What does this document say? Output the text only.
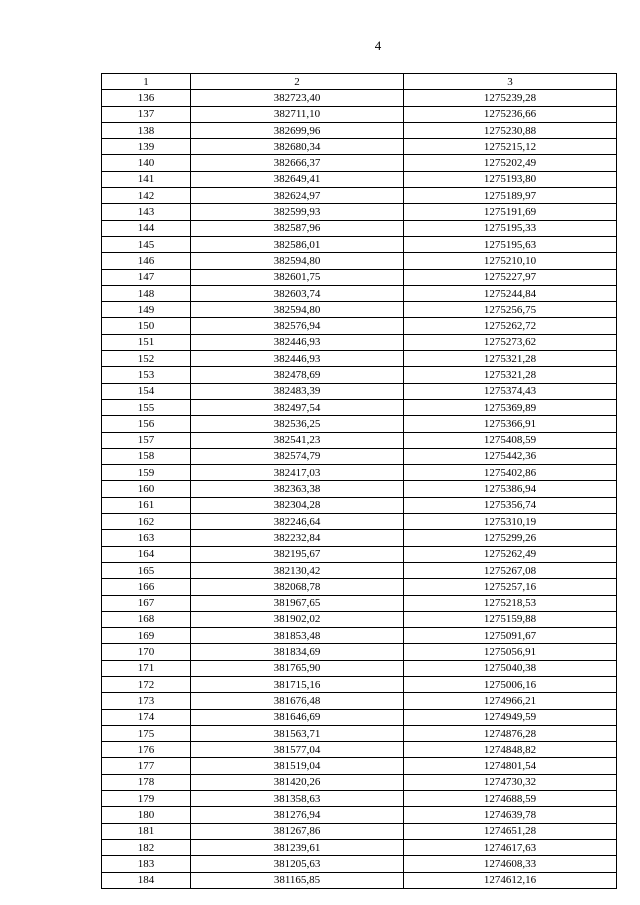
4
1	2	3
136	382723,40	1275239,28
137	382711,10	1275236,66
138	382699,96	1275230,88
139	382680,34	1275215,12
140	382666,37	1275202,49
141	382649,41	1275193,80
142	382624,97	1275189,97
143	382599,93	1275191,69
144	382587,96	1275195,33
145	382586,01	1275195,63
146	382594,80	1275210,10
147	382601,75	1275227,97
148	382603,74	1275244,84
149	382594,80	1275256,75
150	382576,94	1275262,72
151	382446,93	1275273,62
152	382446,93	1275321,28
153	382478,69	1275321,28
154	382483,39	1275374,43
155	382497,54	1275369,89
156	382536,25	1275366,91
157	382541,23	1275408,59
158	382574,79	1275442,36
159	382417,03	1275402,86
160	382363,38	1275386,94
161	382304,28	1275356,74
162	382246,64	1275310,19
163	382232,84	1275299,26
164	382195,67	1275262,49
165	382130,42	1275267,08
166	382068,78	1275257,16
167	381967,65	1275218,53
168	381902,02	1275159,88
169	381853,48	1275091,67
170	381834,69	1275056,91
171	381765,90	1275040,38
172	381715,16	1275006,16
173	381676,48	1274966,21
174	381646,69	1274949,59
175	381563,71	1274876,28
176	381577,04	1274848,82
177	381519,04	1274801,54
178	381420,26	1274730,32
179	381358,63	1274688,59
180	381276,94	1274639,78
181	381267,86	1274651,28
182	381239,61	1274617,63
183	381205,63	1274608,33
184	381165,85	1274612,16
